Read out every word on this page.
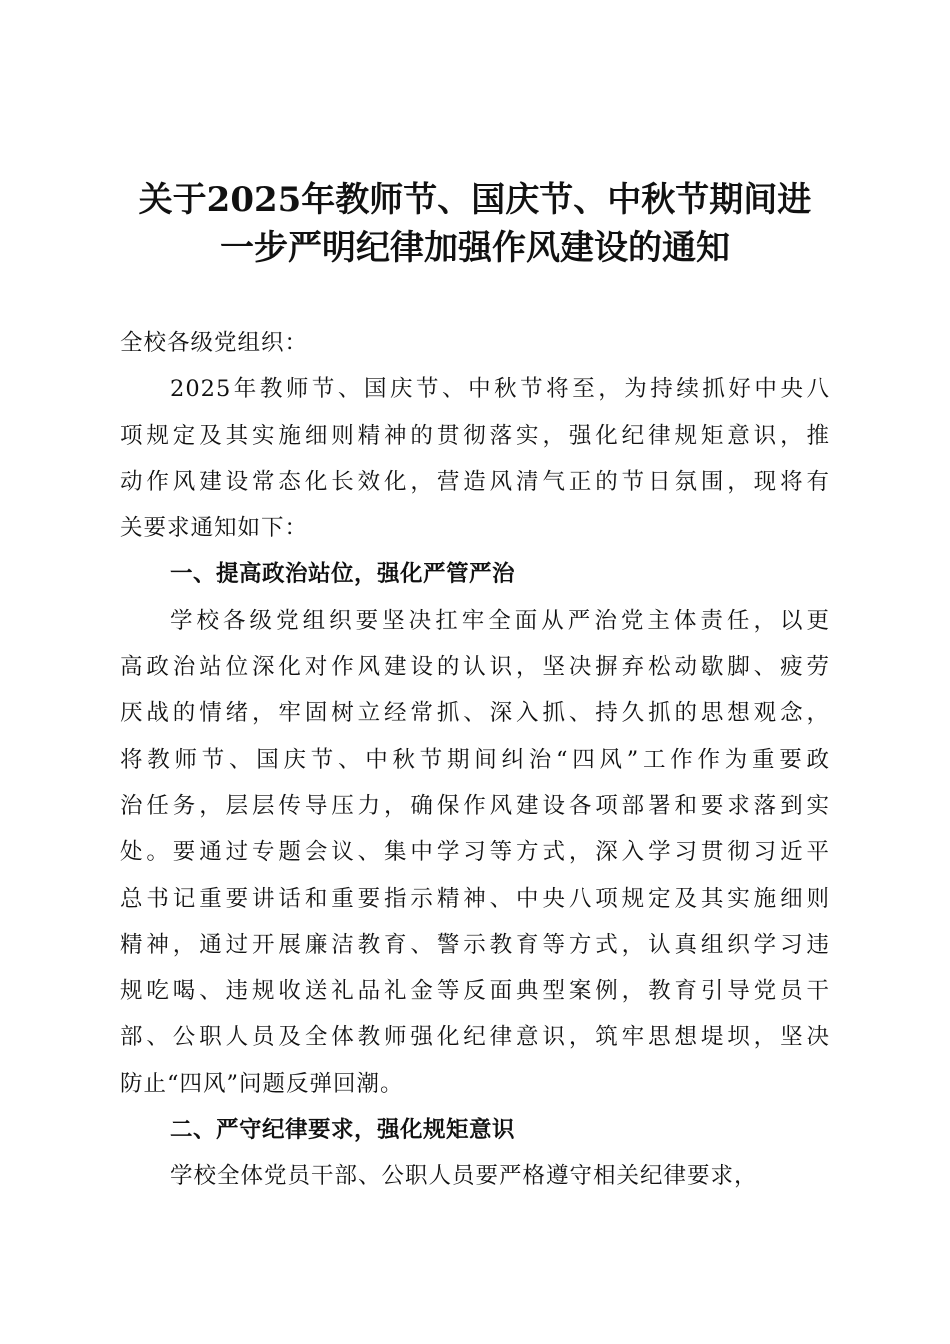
关于2025年教师节、国庆节、中秋节期间进
一步严明纪律加强作风建设的通知
全校各级党组织：
2025年教师节、国庆节、中秋节将至，为持续抓好中央八
项规定及其实施细则精神的贯彻落实，强化纪律规矩意识，推
动作风建设常态化长效化，营造风清气正的节日氛围，现将有
关要求通知如下：
一、提高政治站位，强化严管严治
学校各级党组织要坚决扛牢全面从严治党主体责任，以更
高政治站位深化对作风建设的认识，坚决摒弃松动歇脚、疲劳
厌战的情绪，牢固树立经常抓、深入抓、持久抓的思想观念，
将教师节、国庆节、中秋节期间纠治“四风”工作作为重要政
治任务，层层传导压力，确保作风建设各项部署和要求落到实
处。要通过专题会议、集中学习等方式，深入学习贯彻习近平
总书记重要讲话和重要指示精神、中央八项规定及其实施细则
精神，通过开展廉洁教育、警示教育等方式，认真组织学习违
规吃喝、违规收送礼品礼金等反面典型案例，教育引导党员干
部、公职人员及全体教师强化纪律意识，筑牢思想堤坝，坚决
防止“四风”问题反弹回潮。
二、严守纪律要求，强化规矩意识
学校全体党员干部、公职人员要严格遵守相关纪律要求，
